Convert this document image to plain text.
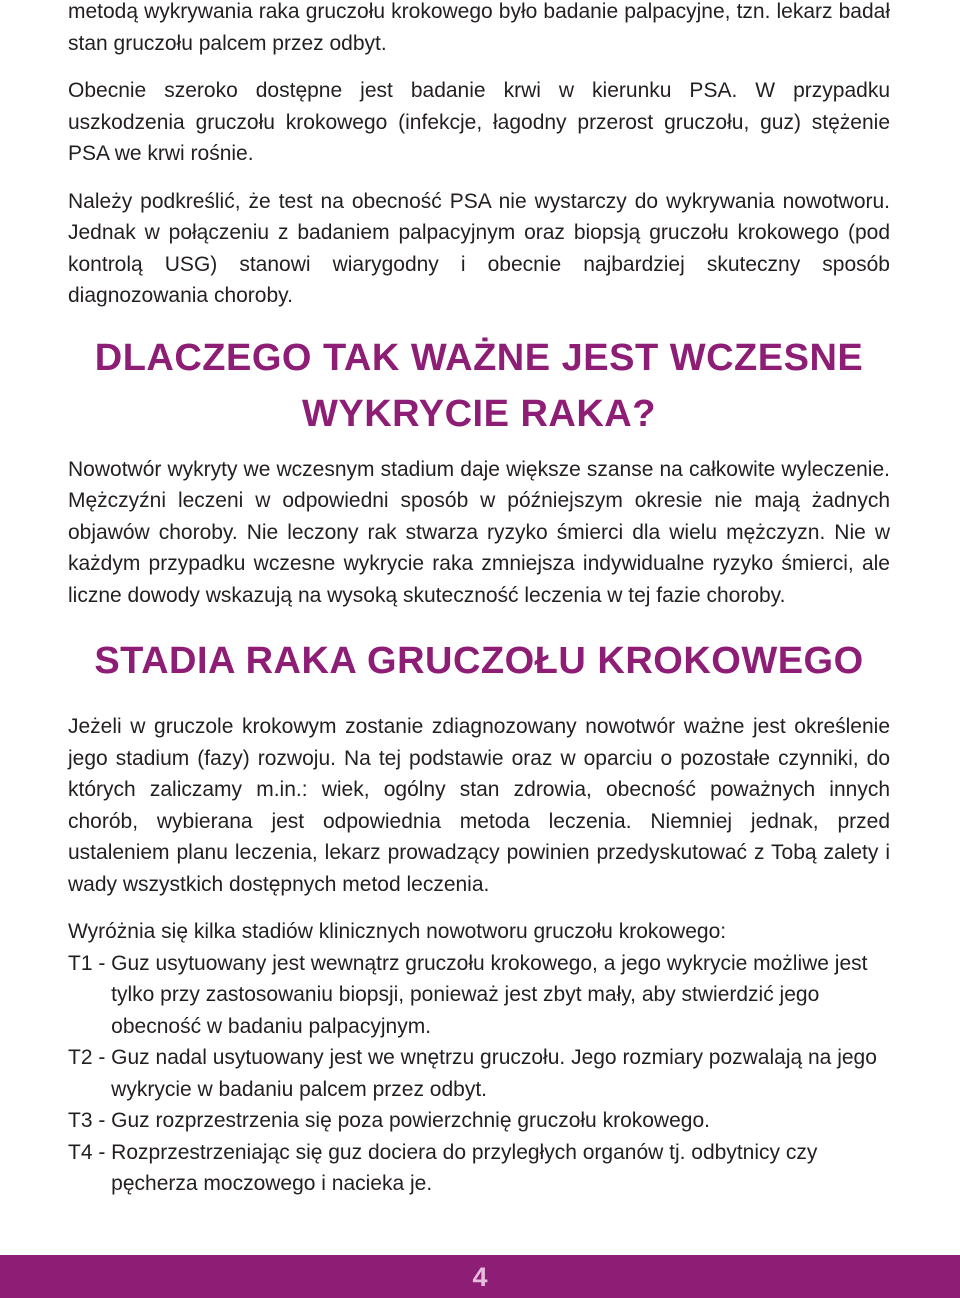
metodą wykrywania raka gruczołu krokowego było badanie palpacyjne, tzn. lekarz badał stan gruczołu palcem przez odbyt.

Obecnie szeroko dostępne jest badanie krwi w kierunku PSA. W przypadku uszkodzenia gruczołu krokowego (infekcje, łagodny przerost gruczołu, guz) stężenie PSA we krwi rośnie.

Należy podkreślić, że test na obecność PSA nie wystarczy do wykrywania nowotworu. Jednak w połączeniu z badaniem palpacyjnym oraz biopsją gruczołu krokowego (pod kontrolą USG) stanowi wiarygodny i obecnie najbardziej skuteczny sposób diagnozowania choroby.

DLACZEGO TAK WAŻNE JEST WCZESNE WYKRYCIE RAKA?

Nowotwór wykryty we wczesnym stadium daje większe szanse na całkowite wyleczenie. Mężczyźni leczeni w odpowiedni sposób w późniejszym okresie nie mają żadnych objawów choroby. Nie leczony rak stwarza ryzyko śmierci dla wielu mężczyzn. Nie w każdym przypadku wczesne wykrycie raka zmniejsza indywidualne ryzyko śmierci, ale liczne dowody wskazują na wysoką skuteczność leczenia w tej fazie choroby.

STADIA RAKA GRUCZOŁU KROKOWEGO

Jeżeli w gruczole krokowym zostanie zdiagnozowany nowotwór ważne jest określenie jego stadium (fazy) rozwoju. Na tej podstawie oraz w oparciu o pozostałe czynniki, do których zaliczamy m.in.: wiek, ogólny stan zdrowia, obecność poważnych innych chorób, wybierana jest odpowiednia metoda leczenia. Niemniej jednak, przed ustaleniem planu leczenia, lekarz prowadzący powinien przedyskutować z Tobą zalety i wady wszystkich dostępnych metod leczenia.

Wyróżnia się kilka stadiów klinicznych nowotworu gruczołu krokowego:

T1 - Guz usytuowany jest wewnątrz gruczołu krokowego, a jego wykrycie możliwe jest tylko przy zastosowaniu biopsji, ponieważ jest zbyt mały, aby stwierdzić jego obecność w badaniu palpacyjnym.
T2 - Guz nadal usytuowany jest we wnętrzu gruczołu. Jego rozmiary pozwalają na jego wykrycie w badaniu palcem przez odbyt.
T3 - Guz rozprzestrzenia się poza powierzchnię gruczołu krokowego.
T4 - Rozprzestrzeniając się guz dociera do przyległych organów tj. odbytnicy czy pęcherza moczowego i nacieka je.
4
